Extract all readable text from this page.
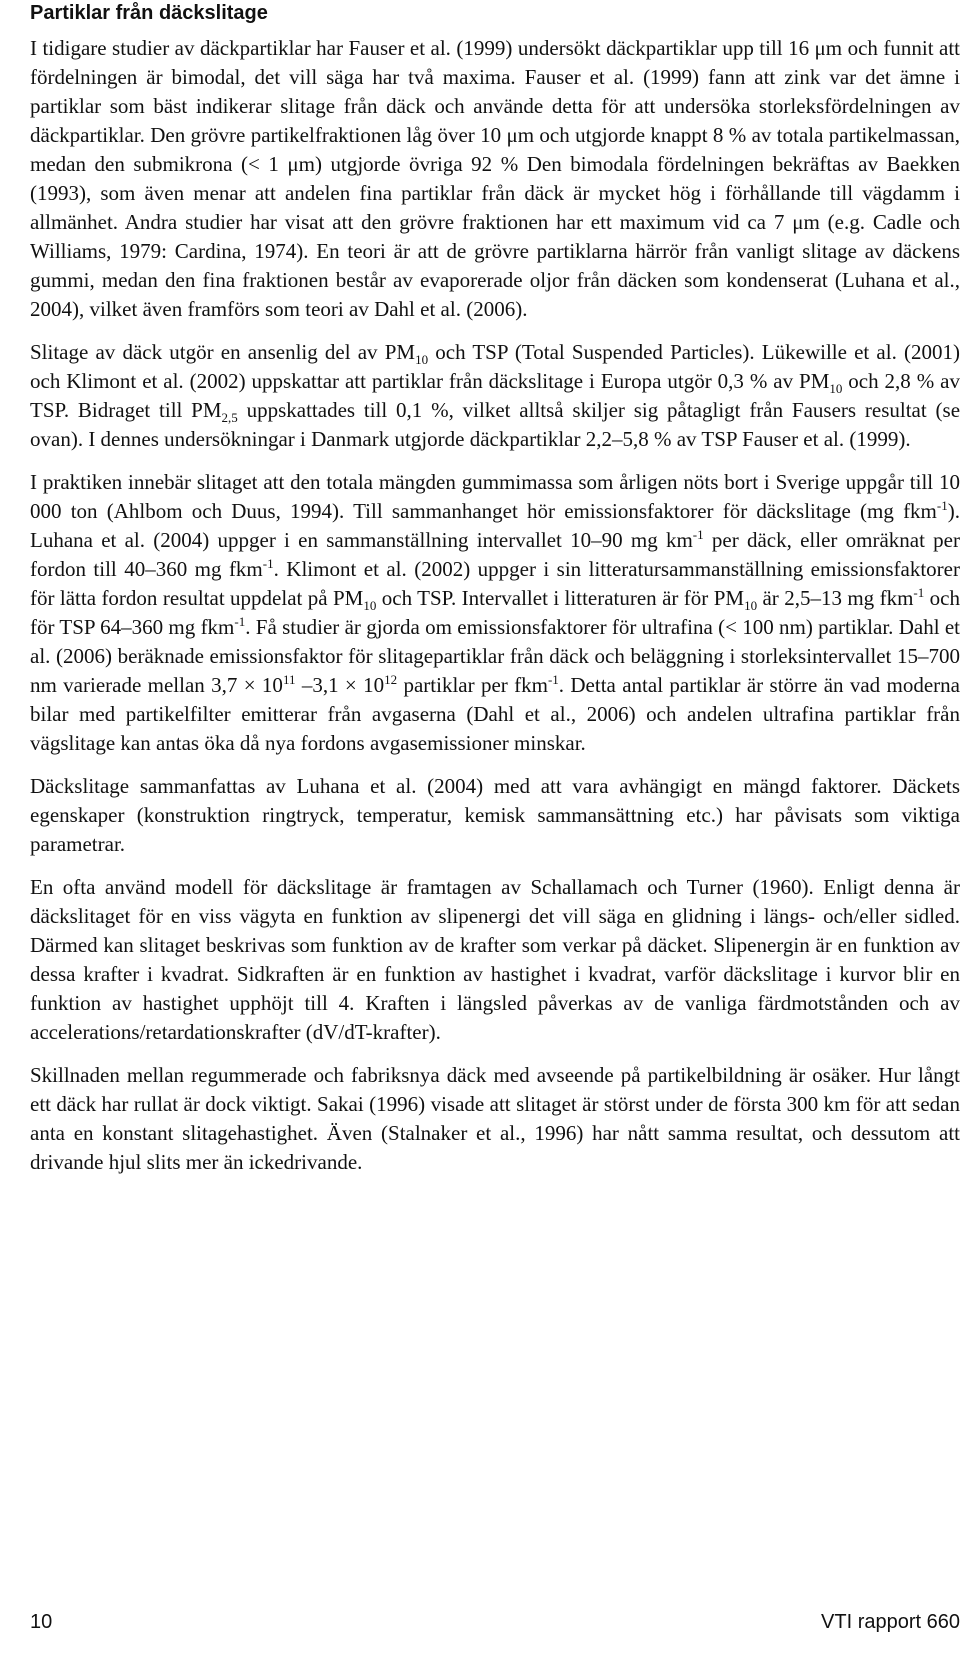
Partiklar från däckslitage

I tidigare studier av däckpartiklar har Fauser et al. (1999) undersökt däckpartiklar upp till 16 μm och funnit att fördelningen är bimodal, det vill säga har två maxima. Fauser et al. (1999) fann att zink var det ämne i partiklar som bäst indikerar slitage från däck och använde detta för att undersöka storleksfördelningen av däckpartiklar. Den grövre partikelfraktionen låg över 10 μm och utgjorde knappt 8 % av totala partikelmassan, medan den submikrona (< 1 μm) utgjorde övriga 92 % Den bimodala fördelningen bekräftas av Baekken (1993), som även menar att andelen fina partiklar från däck är mycket hög i förhållande till vägdamm i allmänhet. Andra studier har visat att den grövre fraktionen har ett maximum vid ca 7 μm (e.g. Cadle och Williams, 1979: Cardina, 1974). En teori är att de grövre partiklarna härrör från vanligt slitage av däckens gummi, medan den fina fraktionen består av evaporerade oljor från däcken som kondenserat (Luhana et al., 2004), vilket även framförs som teori av Dahl et al. (2006).

Slitage av däck utgör en ansenlig del av $PM_{10}$ och TSP (Total Suspended Particles). Lükewille et al. (2001) och Klimont et al. (2002) uppskattar att partiklar från däckslitage i Europa utgör 0,3 % av $PM_{10}$ och 2,8 % av TSP. Bidraget till $PM_{2,5}$ uppskattades till 0,1 %, vilket alltså skiljer sig påtagligt från Fausers resultat (se ovan). I dennes undersökningar i Danmark utgjorde däckpartiklar 2,2–5,8 % av TSP Fauser et al. (1999).

I praktiken innebär slitaget att den totala mängden gummimassa som årligen nöts bort i Sverige uppgår till 10 000 ton (Ahlbom och Duus, 1994). Till sammanhanget hör emissionsfaktorer för däckslitage (mg fkm$^{-1}$). Luhana et al. (2004) uppger i en sammanställning intervallet 10–90 mg $km^{-1}$ per däck, eller omräknat per fordon till 40–360 mg fkm$^{-1}$. Klimont et al. (2002) uppger i sin litteratursammanställning emissionsfaktorer för lätta fordon resultat uppdelat på $PM_{10}$ och TSP. Intervallet i litteraturen är för $PM_{10}$ är 2,5–13 mg fkm$^{-1}$ och för TSP 64–360 mg fkm$^{-1}$. Få studier är gjorda om emissionsfaktorer för ultrafina (< 100 nm) partiklar. Dahl et al. (2006) beräknade emissionsfaktor för slitagepartiklar från däck och beläggning i storleksintervallet 15–700 nm varierade mellan $3,7 \times 10^{11}$ $-3,1 \times 10^{12}$ partiklar per fkm$^{-1}$. Detta antal partiklar är större än vad moderna bilar med partikelfilter emitterar från avgaserna (Dahl et al., 2006) och andelen ultrafina partiklar från vägslitage kan antas öka då nya fordons avgasemissioner minskar.

Däckslitage sammanfattas av Luhana et al. (2004) med att vara avhängigt en mängd faktorer. Däckets egenskaper (konstruktion ringtryck, temperatur, kemisk sammansättning etc.) har påvisats som viktiga parametrar.

En ofta använd modell för däckslitage är framtagen av Schallamach och Turner (1960). Enligt denna är däckslitaget för en viss vägyta en funktion av slipenergi det vill säga en glidning i längs- och/eller sidled. Därmed kan slitaget beskrivas som funktion av de krafter som verkar på däcket. Slipenergin är en funktion av dessa krafter i kvadrat. Sidkraften är en funktion av hastighet i kvadrat, varför däckslitage i kurvor blir en funktion av hastighet upphöjt till 4. Kraften i längsled påverkas av de vanliga färdmotstånden och av accelerations/retardationskrafter (dV/dT-krafter).

Skillnaden mellan regummerade och fabriksnya däck med avseende på partikelbildning är osäker. Hur långt ett däck har rullat är dock viktigt. Sakai (1996) visade att slitaget är störst under de första 300 km för att sedan anta en konstant slitagehastighet. Även (Stalnaker et al., 1996) har nått samma resultat, och dessutom att drivande hjul slits mer än ickedrivande.

10	VTI rapport 660
